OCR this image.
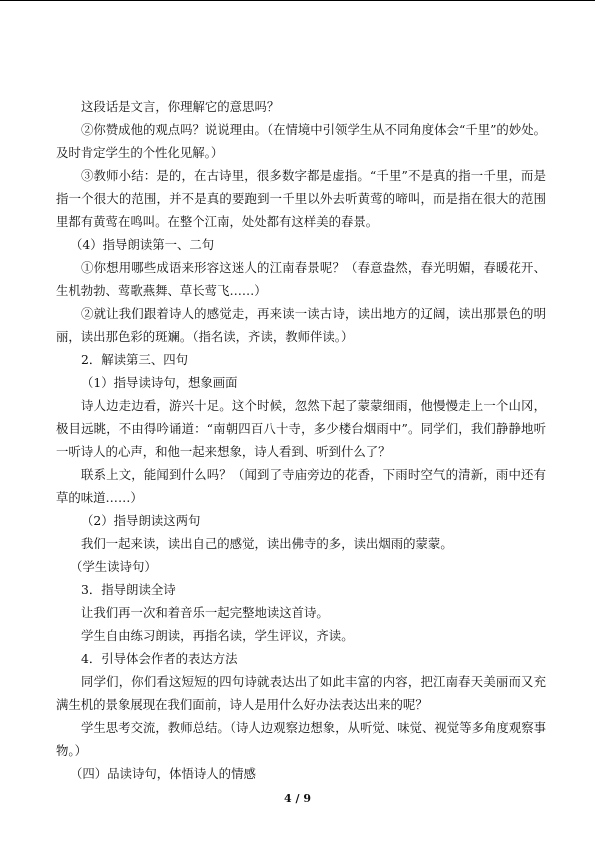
这段话是文言，你理解它的意思吗？

②你赞成他的观点吗？说说理由。（在情境中引领学生从不同角度体会“千里”的妙处。及时肯定学生的个性化见解。）

③教师小结：是的，在古诗里，很多数字都是虚指。“千里”不是真的指一千里，而是指一个很大的范围，并不是真的要跑到一千里以外去听黄莺的啼叫，而是指在很大的范围里都有黄莺在鸣叫。在整个江南，处处都有这样美的春景。

（4）指导朗读第一、二句

①你想用哪些成语来形容这迷人的江南春景呢？（春意盎然，春光明媚，春暖花开、生机勃勃、莺歌燕舞、草长莺飞……）

②就让我们跟着诗人的感觉走，再来读一读古诗，读出地方的辽阔，读出那景色的明丽，读出那色彩的斑斓。（指名读，齐读，教师伴读。）

2．解读第三、四句

（1）指导读诗句，想象画面

诗人边走边看，游兴十足。这个时候，忽然下起了蒙蒙细雨，他慢慢走上一个山冈，极目远眺，不由得吟诵道：“南朝四百八十寺，多少楼台烟雨中”。同学们，我们静静地听一听诗人的心声，和他一起来想象，诗人看到、听到什么了？

联系上文，能闻到什么吗？（闻到了寺庙旁边的花香，下雨时空气的清新，雨中还有草的味道……）

（2）指导朗读这两句

我们一起来读，读出自己的感觉，读出佛寺的多，读出烟雨的蒙蒙。

（学生读诗句）

3．指导朗读全诗

让我们再一次和着音乐一起完整地读这首诗。

学生自由练习朗读，再指名读，学生评议，齐读。

4．引导体会作者的表达方法

同学们，你们看这短短的四句诗就表达出了如此丰富的内容，把江南春天美丽而又充满生机的景象展现在我们面前，诗人是用什么好办法表达出来的呢？

学生思考交流，教师总结。（诗人边观察边想象，从听觉、味觉、视觉等多角度观察事物。）

（四）品读诗句，体悟诗人的情感

4 / 9
